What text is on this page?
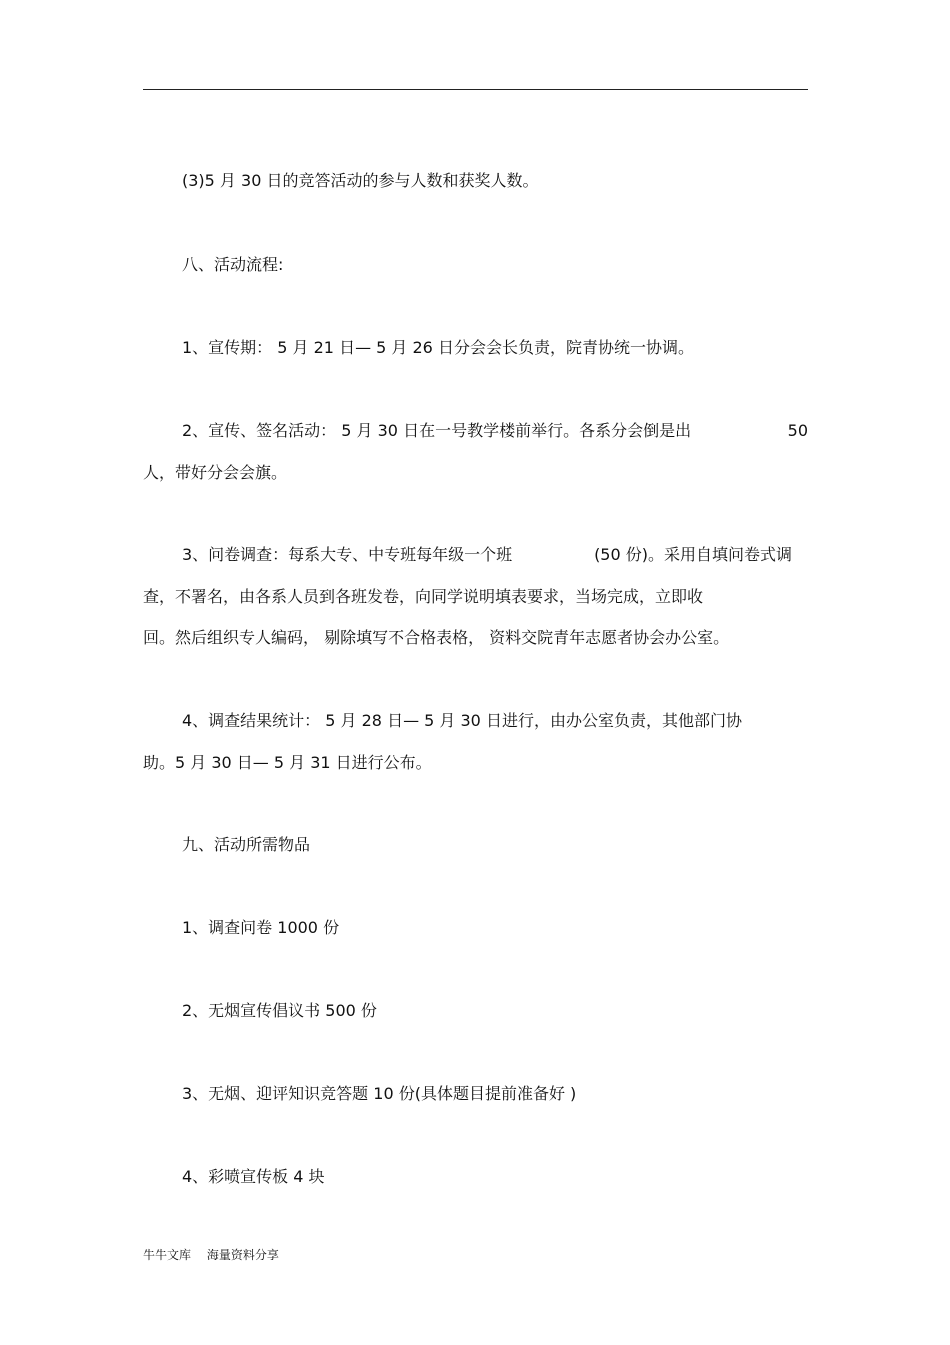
(3)5 月 30 日的竞答活动的参与人数和获奖人数。
八、活动流程:
1、宣传期： 5 月 21 日— 5 月 26 日分会会长负责，院青协统一协调。
2、宣传、签名活动： 5 月 30 日在一号教学楼前举行。各系分会倒是出	50
人，带好分会会旗。
3、问卷调查：每系大专、中专班每年级一个班	(50 份)。采用自填问卷式调
查，不署名，由各系人员到各班发卷，向同学说明填表要求，当场完成，立即收
回。然后组织专人编码， 剔除填写不合格表格， 资料交院青年志愿者协会办公室。
4、调查结果统计： 5 月 28 日— 5 月 30 日进行，由办公室负责，其他部门协
助。5 月 30 日— 5 月 31 日进行公布。
九、活动所需物品
1、调查问卷 1000 份
2、无烟宣传倡议书 500 份
3、无烟、迎评知识竞答题 10 份(具体题目提前准备好 )
4、彩喷宣传板 4 块
牛牛文库 海量资料分享
